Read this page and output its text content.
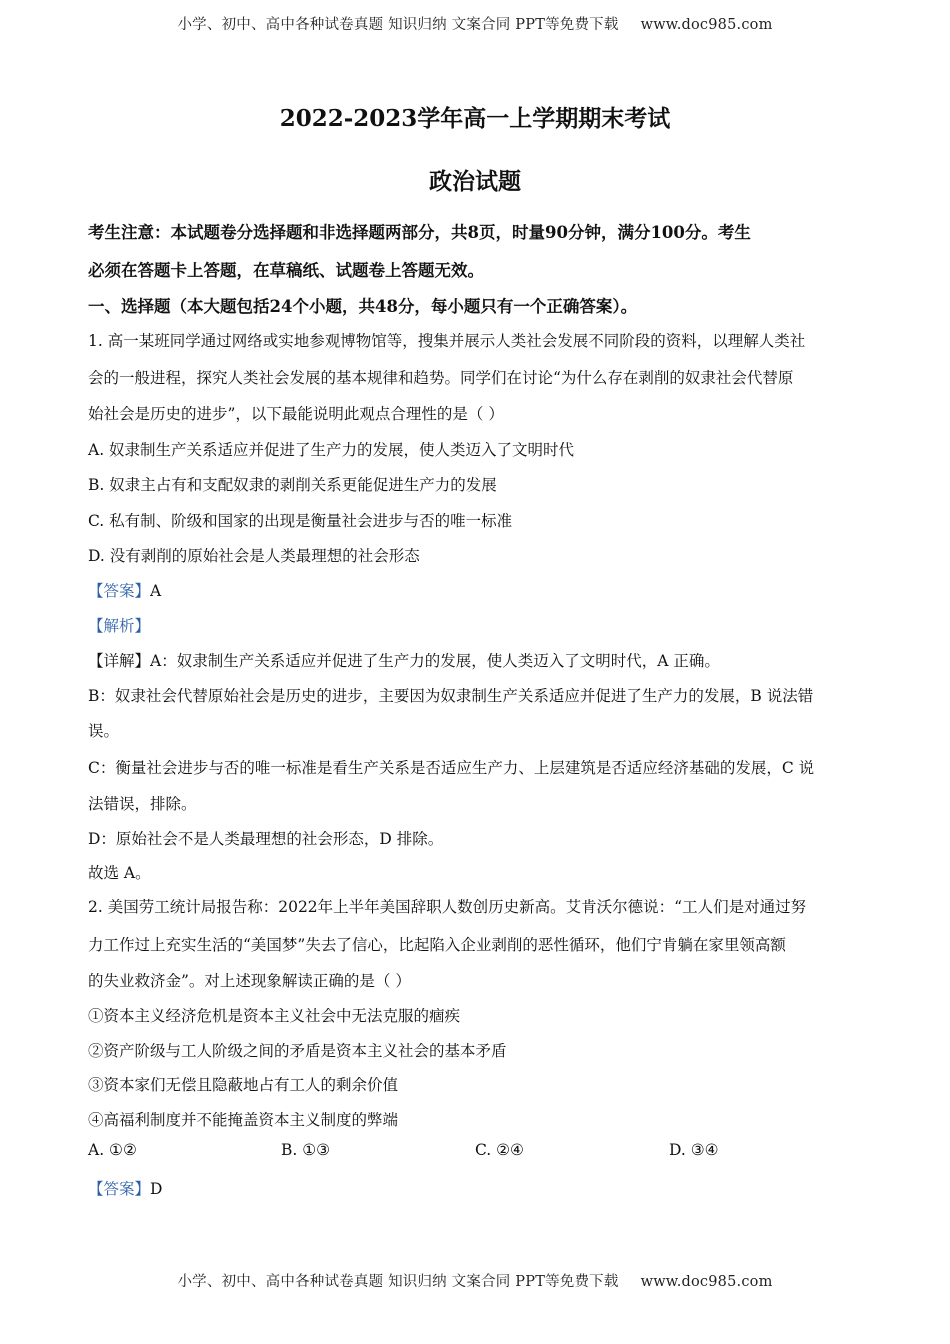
小学、初中、高中各种试卷真题 知识归纳 文案合同 PPT等免费下载 www.doc985.com
2022-2023学年高一上学期期末考试
政治试题
考生注意：本试题卷分选择题和非选择题两部分，共8页，时量90分钟，满分100分。考生
必须在答题卡上答题，在草稿纸、试题卷上答题无效。
一、选择题（本大题包括24个小题，共48分，每小题只有一个正确答案）。
1. 高一某班同学通过网络或实地参观博物馆等，搜集并展示人类社会发展不同阶段的资料，以理解人类社
会的一般进程，探究人类社会发展的基本规律和趋势。同学们在讨论“为什么存在剥削的奴隶社会代替原
始社会是历史的进步”，以下最能说明此观点合理性的是（ ）
A. 奴隶制生产关系适应并促进了生产力的发展，使人类迈入了文明时代
B. 奴隶主占有和支配奴隶的剥削关系更能促进生产力的发展
C. 私有制、阶级和国家的出现是衡量社会进步与否的唯一标准
D. 没有剥削的原始社会是人类最理想的社会形态
【答案】A
【解析】
【详解】A：奴隶制生产关系适应并促进了生产力的发展，使人类迈入了文明时代，A 正确。
B：奴隶社会代替原始社会是历史的进步，主要因为奴隶制生产关系适应并促进了生产力的发展，B 说法错
误。
C：衡量社会进步与否的唯一标准是看生产关系是否适应生产力、上层建筑是否适应经济基础的发展，C 说
法错误，排除。
D：原始社会不是人类最理想的社会形态，D 排除。
故选 A。
2. 美国劳工统计局报告称：2022年上半年美国辞职人数创历史新高。艾肯沃尔德说：“工人们是对通过努
力工作过上充实生活的“美国梦”失去了信心，比起陷入企业剥削的恶性循环，他们宁肯躺在家里领高额
的失业救济金”。对上述现象解读正确的是（ ）
①资本主义经济危机是资本主义社会中无法克服的痼疾
②资产阶级与工人阶级之间的矛盾是资本主义社会的基本矛盾
③资本家们无偿且隐蔽地占有工人的剩余价值
④高福利制度并不能掩盖资本主义制度的弊端
A. ①②	B. ①③	C. ②④	D. ③④
【答案】D
小学、初中、高中各种试卷真题 知识归纳 文案合同 PPT等免费下载 www.doc985.com
